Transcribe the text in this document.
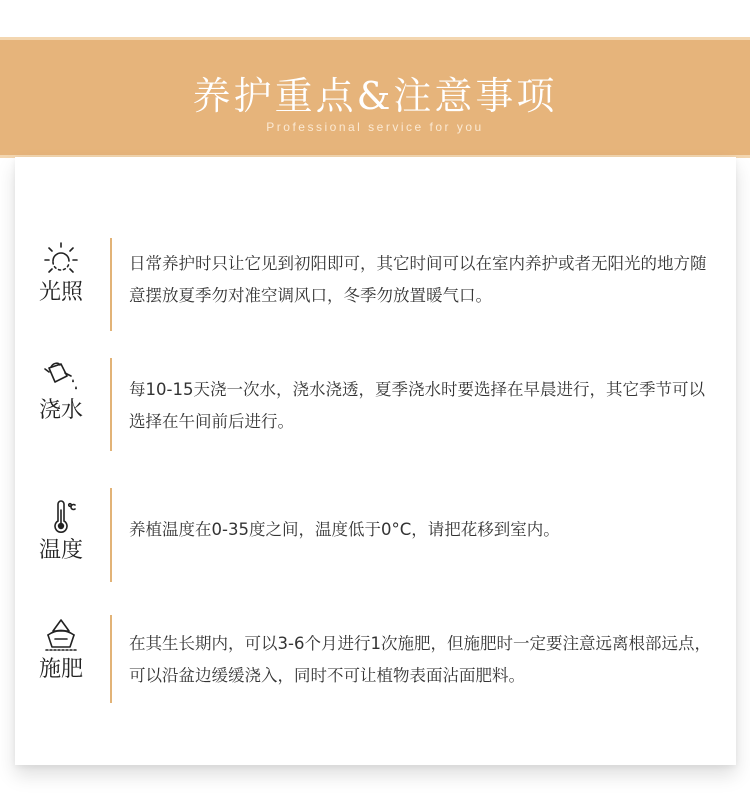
养护重点&注意事项
Professional service for you
光照
日常养护时只让它见到初阳即可，其它时间可以在室内养护或者无阳光的地方随意摆放夏季勿对准空调风口，冬季勿放置暖气口。
浇水
每10-15天浇一次水，浇水浇透，夏季浇水时要选择在早晨进行，其它季节可以选择在午间前后进行。
温度
养植温度在0-35度之间，温度低于0°C，请把花移到室内。
施肥
在其生长期内，可以3-6个月进行1次施肥，但施肥时一定要注意远离根部远点，可以沿盆边缓缓浇入，同时不可让植物表面沾面肥料。
